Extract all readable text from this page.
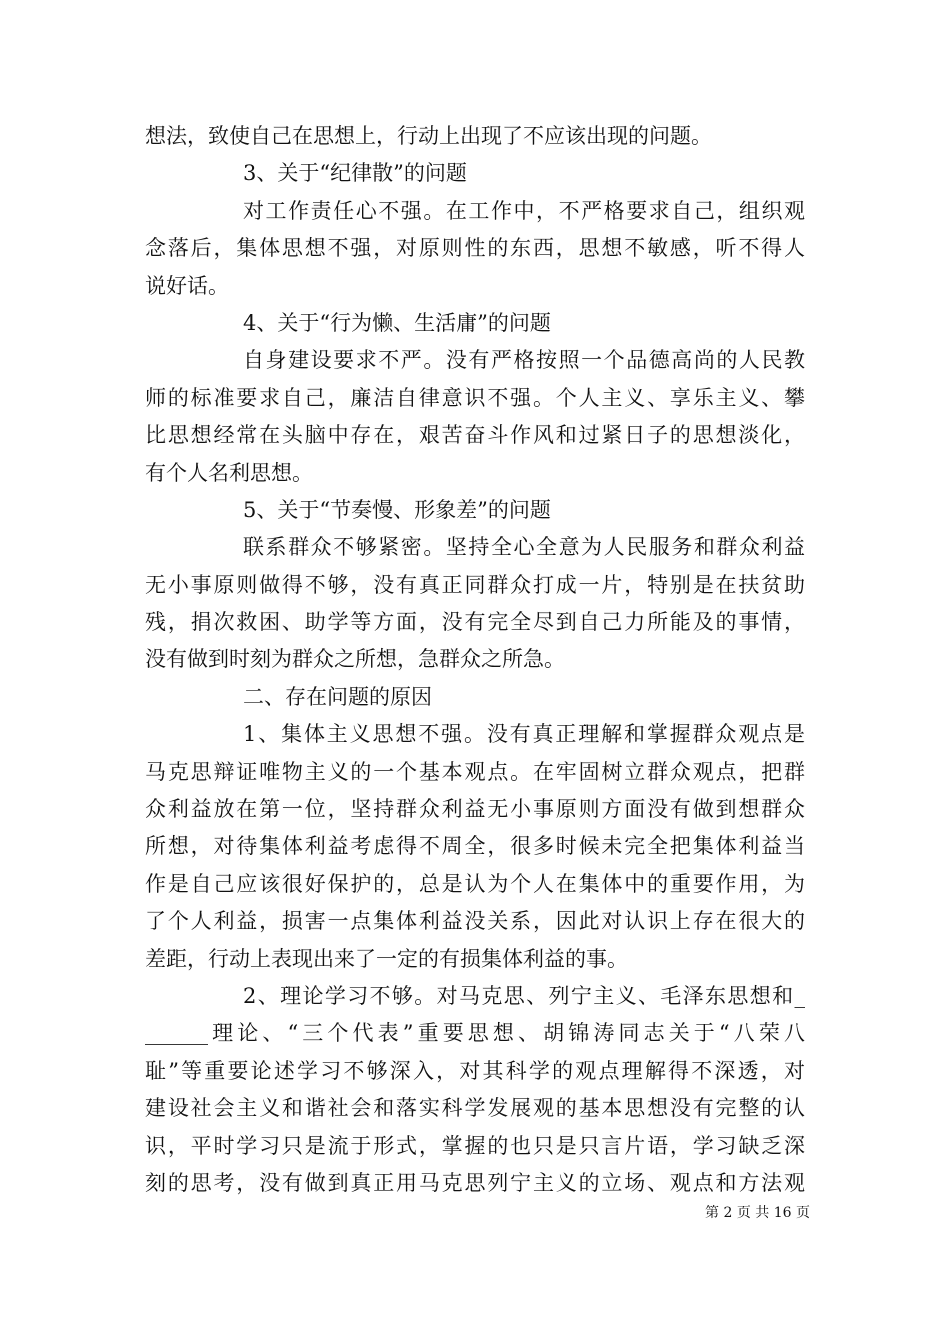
想法，致使自己在思想上，行动上出现了不应该出现的问题。
3、关于“纪律散”的问题
对工作责任心不强。在工作中，不严格要求自己，组织观
念落后，集体思想不强，对原则性的东西，思想不敏感，听不得人
说好话。
4、关于“行为懒、生活庸”的问题
自身建设要求不严。没有严格按照一个品德高尚的人民教
师的标准要求自己，廉洁自律意识不强。个人主义、享乐主义、攀
比思想经常在头脑中存在，艰苦奋斗作风和过紧日子的思想淡化，
有个人名利思想。
5、关于“节奏慢、形象差”的问题
联系群众不够紧密。坚持全心全意为人民服务和群众利益
无小事原则做得不够，没有真正同群众打成一片，特别是在扶贫助
残，捐次救困、助学等方面，没有完全尽到自己力所能及的事情，
没有做到时刻为群众之所想，急群众之所急。
二、存在问题的原因
1、集体主义思想不强。没有真正理解和掌握群众观点是
马克思辩证唯物主义的一个基本观点。在牢固树立群众观点，把群
众利益放在第一位，坚持群众利益无小事原则方面没有做到想群众
所想，对待集体利益考虑得不周全，很多时候未完全把集体利益当
作是自己应该很好保护的，总是认为个人在集体中的重要作用，为
了个人利益，损害一点集体利益没关系，因此对认识上存在很大的
差距，行动上表现出来了一定的有损集体利益的事。
2、理论学习不够。对马克思、列宁主义、毛泽东思想和_
______理论、“三个代表”重要思想、胡锦涛同志关于“八荣八
耻”等重要论述学习不够深入，对其科学的观点理解得不深透，对
建设社会主义和谐社会和落实科学发展观的基本思想没有完整的认
识，平时学习只是流于形式，掌握的也只是只言片语，学习缺乏深
刻的思考，没有做到真正用马克思列宁主义的立场、观点和方法观
第 2 页 共 16 页
